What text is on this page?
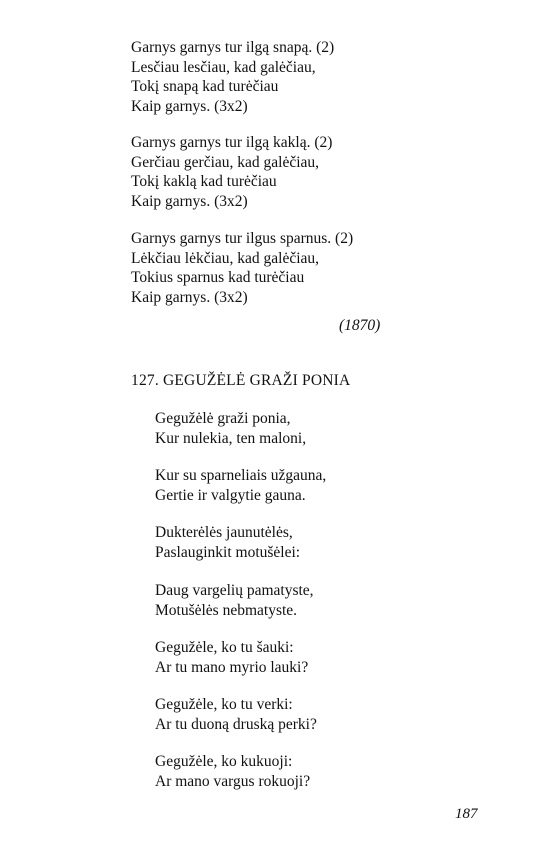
Garnys garnys tur ilgą snapą. (2)
Lesčiau lesčiau, kad galėčiau,
Tokį snapą kad turėčiau
Kaip garnys. (3x2)
Garnys garnys tur ilgą kaklą. (2)
Gerčiau gerčiau, kad galėčiau,
Tokį kaklą kad turėčiau
Kaip garnys. (3x2)
Garnys garnys tur ilgus sparnus. (2)
Lėkčiau lėkčiau, kad galėčiau,
Tokius sparnus kad turėčiau
Kaip garnys. (3x2)
(1870)
127. GEGUŽĖLĖ GRAŽI PONIA
Gegužėlė graži ponia,
Kur nulekia, ten maloni,
Kur su sparneliais užgauna,
Gertie ir valgytie gauna.
Dukterėlės jaunutėlės,
Paslauginkit motušėlei:
Daug vargelių pamatyste,
Motušėlės nebmatyste.
Gegužėle, ko tu šauki:
Ar tu mano myrio lauki?
Gegužėle, ko tu verki:
Ar tu duoną druską perki?
Gegužėle, ko kukuoji:
Ar mano vargus rokuoji?
187
